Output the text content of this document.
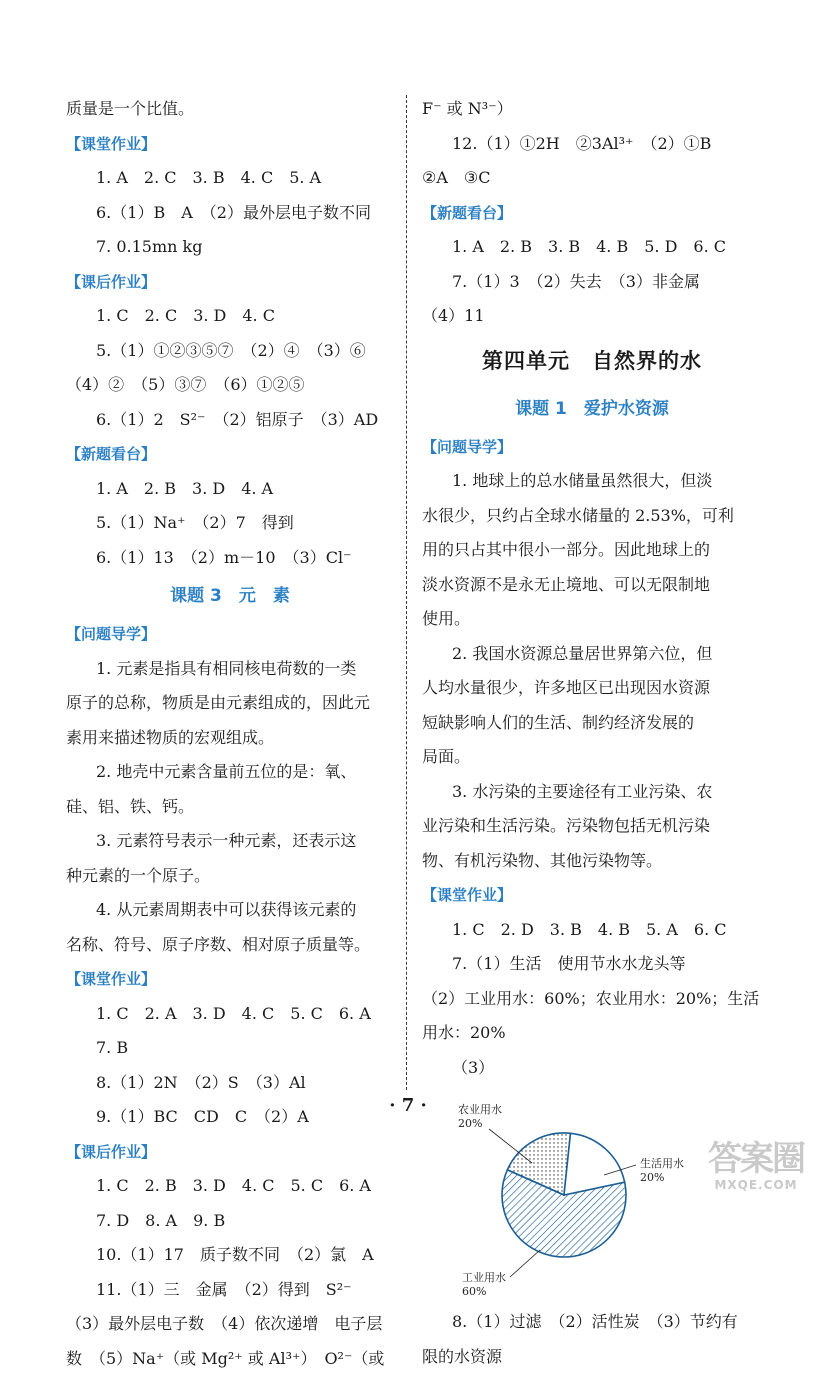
质量是一个比值。
【 课堂作业 】
1. A　2. C　3. B　4. C　5. A
6.（1）B　A　（2）最外层电子数不同
7. 0.15mn kg
【 课后作业 】
1. C　2. C　3. D　4. C
5.（1）①②③⑤⑦　（2）④　（3）⑥
（4）②　（5）③⑦　（6）①②⑤
6.（1）2　S²⁻　（2）铝原子　（3）AD
【 新题看台 】
1. A　2. B　3. D　4. A
5.（1）Na⁺　（2）7　得到
6.（1）13　（2）m－10　（3）Cl⁻
课题 3　元　素
【 问题导学 】
1. 元素是指具有相同核电荷数的一类
原子的总称，物质是由元素组成的，因此元
素用来描述物质的宏观组成。
2. 地壳中元素含量前五位的是：氧、
硅、铝、铁、钙。
3. 元素符号表示一种元素，还表示这
种元素的一个原子。
4. 从元素周期表中可以获得该元素的
名称、符号、原子序数、相对原子质量等。
【 课堂作业 】
1. C　2. A　3. D　4. C　5. C　6. A
7. B
8.（1）2N　（2）S　（3）Al
9.（1）BC　CD　C　（2）A
【 课后作业 】
1. C　2. B　3. D　4. C　5. C　6. A
7. D　8. A　9. B
10.（1）17　质子数不同　（2）氯　A
11.（1）三　金属　（2）得到　S²⁻
（3）最外层电子数　（4）依次递增　电子层
数　（5）Na⁺（或 Mg²⁺ 或 Al³⁺）　O²⁻（或
F⁻ 或 N³⁻）
12.（1）①2H　②3Al³⁺　（2）①B
②A　③C
【 新题看台 】
1. A　2. B　3. B　4. B　5. D　6. C
7.（1）3　（2）失去　（3）非金属
（4）11
第四单元　自然界的水
课题 1　爱护水资源
【 问题导学 】
1. 地球上的总水储量虽然很大，但淡
水很少，只约占全球水储量的 2.53%，可利
用的只占其中很小一部分。因此地球上的
淡水资源不是永无止境地、可以无限制地
使用。
2. 我国水资源总量居世界第六位，但
人均水量很少，许多地区已出现因水资源
短缺影响人们的生活、制约经济发展的
局面。
3. 水污染的主要途径有工业污染、农
业污染和生活污染。污染物包括无机污染
物、有机污染物、其他污染物等。
【 课堂作业 】
1. C　2. D　3. B　4. B　5. A　6. C
7.（1）生活　使用节水水龙头等
（2）工业用水：60%；农业用水：20%；生活
用水：20%
（3）
工业用水
60%
农业用水
20%
生活用水
20%
8.（1）过滤　（2）活性炭　（3）节约有
限的水资源
· 7 ·
答案圈
MXQE.COM
